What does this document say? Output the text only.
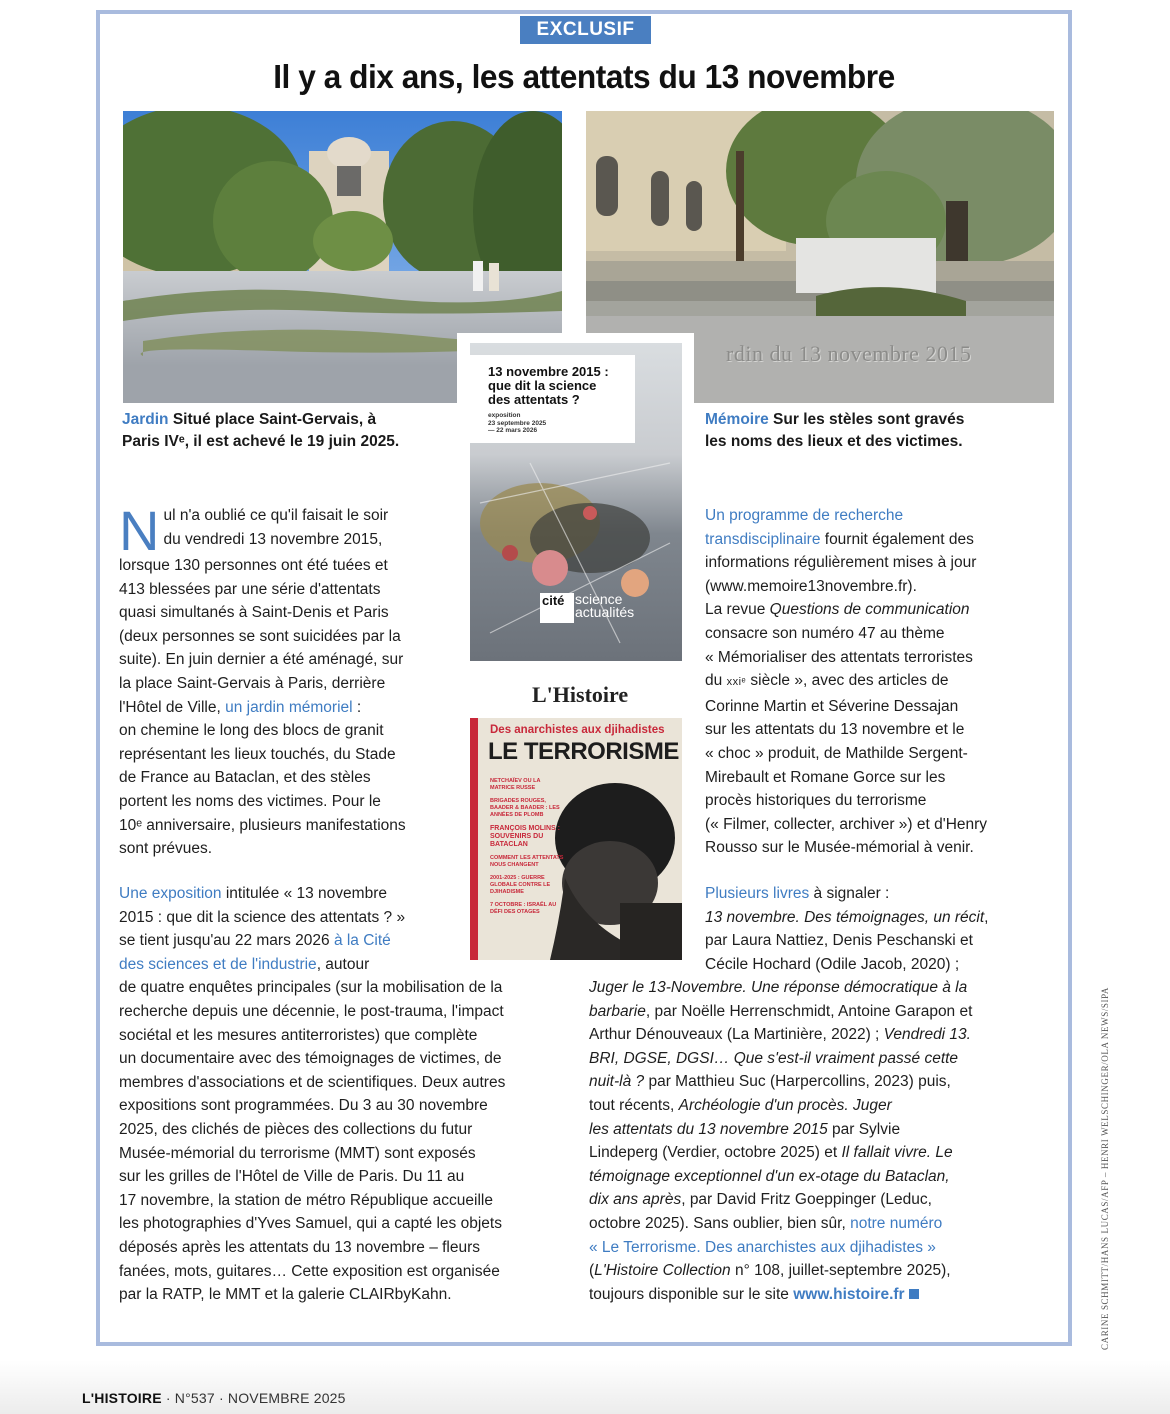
EXCLUSIF
Il y a dix ans, les attentats du 13 novembre
rdin du 13 novembre 2015
13 novembre 2015 :
que dit la science
des attentats ?
exposition
23 septembre 2025
— 22 mars 2026
cité science
actualités
L'Histoire
Des anarchistes aux djihadistes
LE TERRORISME
NETCHAÏEV OU LA MATRICE RUSSE
BRIGADES ROUGES, BAADER & BAADER : LES ANNÉES DE PLOMB
FRANÇOIS MOLINS : SOUVENIRS DU BATACLAN
COMMENT LES ATTENTATS NOUS CHANGENT
2001-2025 : GUERRE GLOBALE CONTRE LE DJIHADISME
7 OCTOBRE : ISRAËL AU DÉFI DES OTAGES
Jardin Situé place Saint-Gervais, à
Paris IVᵉ, il est achevé le 19 juin 2025.
Mémoire Sur les stèles sont gravés
les noms des lieux et des victimes.
N ul n'a oublié ce qu'il faisait le soir
du vendredi 13 novembre 2015,
lorsque 130 personnes ont été tuées et
413 blessées par une série d'attentats
quasi simultanés à Saint-Denis et Paris
(deux personnes se sont suicidées par la
suite). En juin dernier a été aménagé, sur
la place Saint-Gervais à Paris, derrière
l'Hôtel de Ville, un jardin mémoriel :
on chemine le long des blocs de granit
représentant les lieux touchés, du Stade
de France au Bataclan, et des stèles
portent les noms des victimes. Pour le
10ᵉ anniversaire, plusieurs manifestations
sont prévues.
Une exposition intitulée « 13 novembre
2015 : que dit la science des attentats ? »
se tient jusqu'au 22 mars 2026 à la Cité
des sciences et de l'industrie, autour
de quatre enquêtes principales (sur la mobilisation de la
recherche depuis une décennie, le post-trauma, l'impact
sociétal et les mesures antiterroristes) que complète
un documentaire avec des témoignages de victimes, de
membres d'associations et de scientifiques. Deux autres
expositions sont programmées. Du 3 au 30 novembre
2025, des clichés de pièces des collections du futur
Musée-mémorial du terrorisme (MMT) sont exposés
sur les grilles de l'Hôtel de Ville de Paris. Du 11 au
17 novembre, la station de métro République accueille
les photographies d'Yves Samuel, qui a capté les objets
déposés après les attentats du 13 novembre – fleurs
fanées, mots, guitares… Cette exposition est organisée
par la RATP, le MMT et la galerie CLAIRbyKahn.
Un programme de recherche
transdisciplinaire fournit également des
informations régulièrement mises à jour
(www.memoire13novembre.fr).
La revue Questions de communication
consacre son numéro 47 au thème
« Mémorialiser des attentats terroristes
du xxiᵉ siècle », avec des articles de
Corinne Martin et Séverine Dessajan
sur les attentats du 13 novembre et le
« choc » produit, de Mathilde Sergent-
Mirebault et Romane Gorce sur les
procès historiques du terrorisme
(« Filmer, collecter, archiver ») et d'Henry
Rousso sur le Musée-mémorial à venir.
Plusieurs livres à signaler :
13 novembre. Des témoignages, un récit,
par Laura Nattiez, Denis Peschanski et
Cécile Hochard (Odile Jacob, 2020) ;
Juger le 13-Novembre. Une réponse démocratique à la
barbarie, par Noëlle Herrenschmidt, Antoine Garapon et
Arthur Dénouveaux (La Martinière, 2022) ; Vendredi 13.
BRI, DGSE, DGSI… Que s'est-il vraiment passé cette
nuit-là ? par Matthieu Suc (Harpercollins, 2023) puis,
tout récents, Archéologie d'un procès. Juger
les attentats du 13 novembre 2015 par Sylvie
Lindeperg (Verdier, octobre 2025) et Il fallait vivre. Le
témoignage exceptionnel d'un ex-otage du Bataclan,
dix ans après, par David Fritz Goeppinger (Leduc,
octobre 2025). Sans oublier, bien sûr, notre numéro
« Le Terrorisme. Des anarchistes aux djihadistes »
(L'Histoire Collection n° 108, juillet-septembre 2025),
toujours disponible sur le site www.histoire.fr	CARINE SCHMITT/HANS LUCAS/AFP – HENRI WELSCHINGER/OLA NEWS/SIPA
L'HISTOIRE · N°537 · NOVEMBRE 2025
